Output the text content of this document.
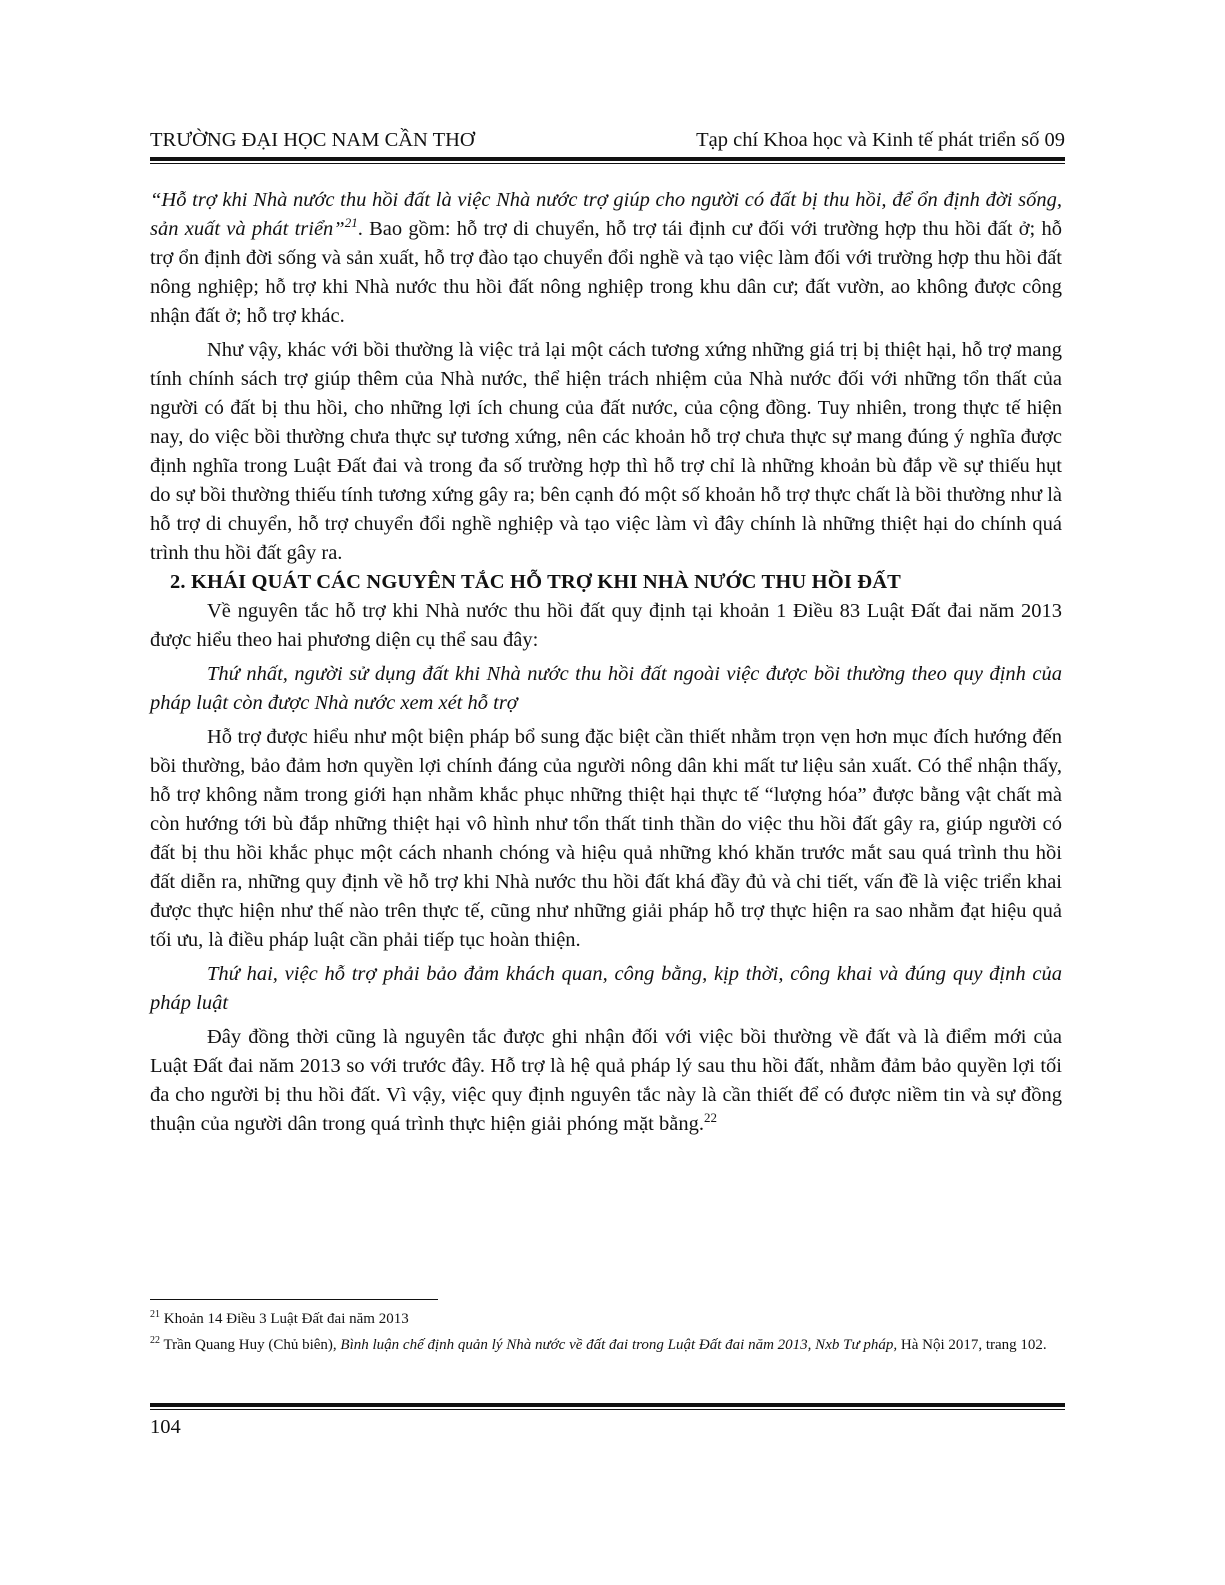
TRƯỜNG ĐẠI HỌC NAM CẦN THƠ	Tạp chí Khoa học và Kinh tế phát triển số 09

“Hỗ trợ khi Nhà nước thu hồi đất là việc Nhà nước trợ giúp cho người có đất bị thu hồi, để ổn định đời sống, sản xuất và phát triển”$^{21}$. Bao gồm: hỗ trợ di chuyển, hỗ trợ tái định cư đối với trường hợp thu hồi đất ở; hỗ trợ ổn định đời sống và sản xuất, hỗ trợ đào tạo chuyển đổi nghề và tạo việc làm đối với trường hợp thu hồi đất nông nghiệp; hỗ trợ khi Nhà nước thu hồi đất nông nghiệp trong khu dân cư; đất vườn, ao không được công nhận đất ở; hỗ trợ khác.

Như vậy, khác với bồi thường là việc trả lại một cách tương xứng những giá trị bị thiệt hại, hỗ trợ mang tính chính sách trợ giúp thêm của Nhà nước, thể hiện trách nhiệm của Nhà nước đối với những tổn thất của người có đất bị thu hồi, cho những lợi ích chung của đất nước, của cộng đồng. Tuy nhiên, trong thực tế hiện nay, do việc bồi thường chưa thực sự tương xứng, nên các khoản hỗ trợ chưa thực sự mang đúng ý nghĩa được định nghĩa trong Luật Đất đai và trong đa số trường hợp thì hỗ trợ chỉ là những khoản bù đắp về sự thiếu hụt do sự bồi thường thiếu tính tương xứng gây ra; bên cạnh đó một số khoản hỗ trợ thực chất là bồi thường như là hỗ trợ di chuyển, hỗ trợ chuyển đổi nghề nghiệp và tạo việc làm vì đây chính là những thiệt hại do chính quá trình thu hồi đất gây ra.

2. KHÁI QUÁT CÁC NGUYÊN TẮC HỖ TRỢ KHI NHÀ NƯỚC THU HỒI ĐẤT

Về nguyên tắc hỗ trợ khi Nhà nước thu hồi đất quy định tại khoản 1 Điều 83 Luật Đất đai năm 2013 được hiểu theo hai phương diện cụ thể sau đây:

Thứ nhất, người sử dụng đất khi Nhà nước thu hồi đất ngoài việc được bồi thường theo quy định của pháp luật còn được Nhà nước xem xét hỗ trợ

Hỗ trợ được hiểu như một biện pháp bổ sung đặc biệt cần thiết nhằm trọn vẹn hơn mục đích hướng đến bồi thường, bảo đảm hơn quyền lợi chính đáng của người nông dân khi mất tư liệu sản xuất. Có thể nhận thấy, hỗ trợ không nằm trong giới hạn nhằm khắc phục những thiệt hại thực tế “lượng hóa” được bằng vật chất mà còn hướng tới bù đắp những thiệt hại vô hình như tổn thất tinh thần do việc thu hồi đất gây ra, giúp người có đất bị thu hồi khắc phục một cách nhanh chóng và hiệu quả những khó khăn trước mắt sau quá trình thu hồi đất diễn ra, những quy định về hỗ trợ khi Nhà nước thu hồi đất khá đầy đủ và chi tiết, vấn đề là việc triển khai được thực hiện như thế nào trên thực tế, cũng như những giải pháp hỗ trợ thực hiện ra sao nhằm đạt hiệu quả tối ưu, là điều pháp luật cần phải tiếp tục hoàn thiện.

Thứ hai, việc hỗ trợ phải bảo đảm khách quan, công bằng, kịp thời, công khai và đúng quy định của pháp luật

Đây đồng thời cũng là nguyên tắc được ghi nhận đối với việc bồi thường về đất và là điểm mới của Luật Đất đai năm 2013 so với trước đây. Hỗ trợ là hệ quả pháp lý sau thu hồi đất, nhằm đảm bảo quyền lợi tối đa cho người bị thu hồi đất. Vì vậy, việc quy định nguyên tắc này là cần thiết để có được niềm tin và sự đồng thuận của người dân trong quá trình thực hiện giải phóng mặt bằng.$^{22}$

$^{21}$ Khoản 14 Điều 3 Luật Đất đai năm 2013

$^{22}$ Trần Quang Huy (Chủ biên), Bình luận chế định quản lý Nhà nước về đất đai trong Luật Đất đai năm 2013, Nxb Tư pháp, Hà Nội 2017, trang 102.

104
